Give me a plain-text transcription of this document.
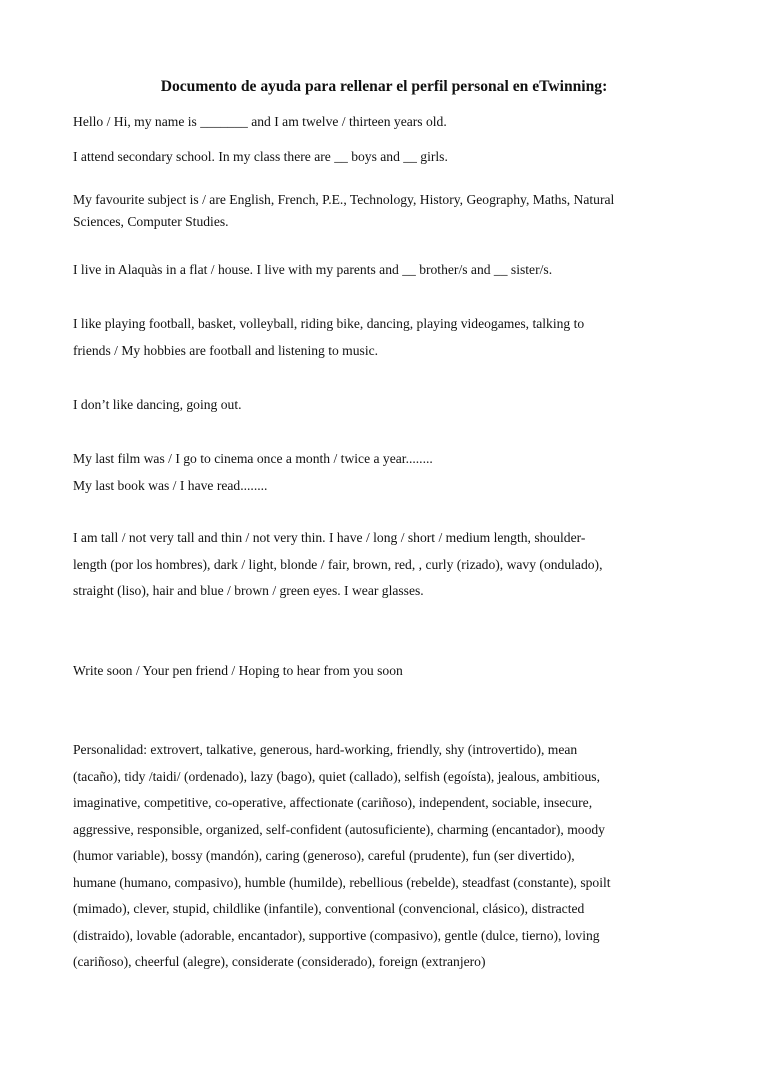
Documento de ayuda para rellenar el perfil personal en eTwinning:

Hello / Hi, my name is _______ and I am twelve / thirteen years old.

I attend secondary school. In my class there are __ boys and __ girls.

My favourite subject is / are English, French, P.E., Technology, History, Geography, Maths, Natural
Sciences, Computer Studies.

I live in Alaquàs in a flat / house. I live with my parents and __ brother/s and __ sister/s.

I like playing football, basket, volleyball, riding bike, dancing, playing videogames, talking to
friends / My hobbies are football and listening to music.

I don’t like dancing, going out.

My last film was / I go to cinema once a month / twice a year........
My last book was / I have read........

I am tall / not very tall and thin / not very thin. I have / long / short / medium length, shoulder-
length (por los hombres), dark / light, blonde / fair, brown, red, , curly (rizado), wavy (ondulado),
straight (liso), hair and blue / brown / green eyes. I wear glasses.

Write soon / Your pen friend / Hoping to hear from you soon

Personalidad: extrovert, talkative, generous, hard-working, friendly, shy (introvertido), mean
(tacaño), tidy /taidi/ (ordenado), lazy (bago), quiet (callado), selfish (egoísta), jealous, ambitious,
imaginative, competitive, co-operative, affectionate (cariñoso), independent, sociable, insecure,
aggressive, responsible, organized, self-confident (autosuficiente), charming (encantador), moody
(humor variable), bossy (mandón), caring (generoso), careful (prudente), fun (ser divertido),
humane (humano, compasivo), humble (humilde), rebellious (rebelde), steadfast (constante), spoilt
(mimado), clever, stupid, childlike (infantile), conventional (convencional, clásico), distracted
(distraido), lovable (adorable, encantador), supportive (compasivo), gentle (dulce, tierno), loving
(cariñoso), cheerful (alegre), considerate (considerado), foreign (extranjero)
